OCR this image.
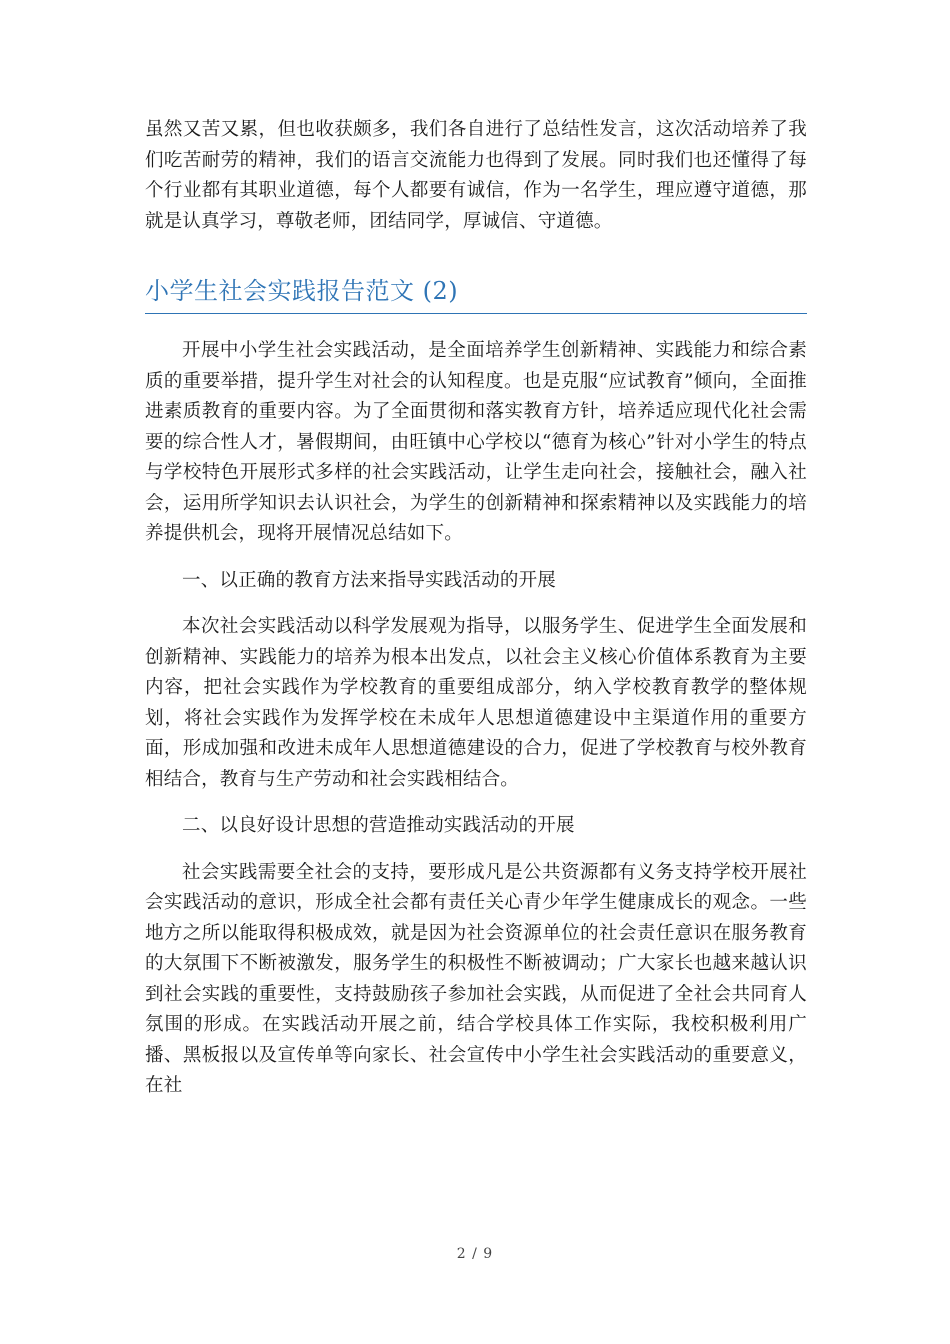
虽然又苦又累，但也收获颇多，我们各自进行了总结性发言，这次活动培养了我们吃苦耐劳的精神，我们的语言交流能力也得到了发展。同时我们也还懂得了每个行业都有其职业道德，每个人都要有诚信，作为一名学生，理应遵守道德，那就是认真学习，尊敬老师，团结同学，厚诚信、守道德。

小学生社会实践报告范文 (2)

开展中小学生社会实践活动，是全面培养学生创新精神、实践能力和综合素质的重要举措，提升学生对社会的认知程度。也是克服“应试教育”倾向，全面推进素质教育的重要内容。为了全面贯彻和落实教育方针，培养适应现代化社会需要的综合性人才，暑假期间，由旺镇中心学校以“德育为核心”针对小学生的特点与学校特色开展形式多样的社会实践活动，让学生走向社会，接触社会，融入社会，运用所学知识去认识社会，为学生的创新精神和探索精神以及实践能力的培养提供机会，现将开展情况总结如下。

一、以正确的教育方法来指导实践活动的开展

本次社会实践活动以科学发展观为指导，以服务学生、促进学生全面发展和创新精神、实践能力的培养为根本出发点，以社会主义核心价值体系教育为主要内容，把社会实践作为学校教育的重要组成部分，纳入学校教育教学的整体规划，将社会实践作为发挥学校在未成年人思想道德建设中主渠道作用的重要方面，形成加强和改进未成年人思想道德建设的合力，促进了学校教育与校外教育相结合，教育与生产劳动和社会实践相结合。

二、以良好设计思想的营造推动实践活动的开展

社会实践需要全社会的支持，要形成凡是公共资源都有义务支持学校开展社会实践活动的意识，形成全社会都有责任关心青少年学生健康成长的观念。一些地方之所以能取得积极成效，就是因为社会资源单位的社会责任意识在服务教育的大氛围下不断被激发，服务学生的积极性不断被调动；广大家长也越来越认识到社会实践的重要性，支持鼓励孩子参加社会实践，从而促进了全社会共同育人氛围的形成。在实践活动开展之前，结合学校具体工作实际，我校积极利用广播、黑板报以及宣传单等向家长、社会宣传中小学生社会实践活动的重要意义，在社

2 / 9
